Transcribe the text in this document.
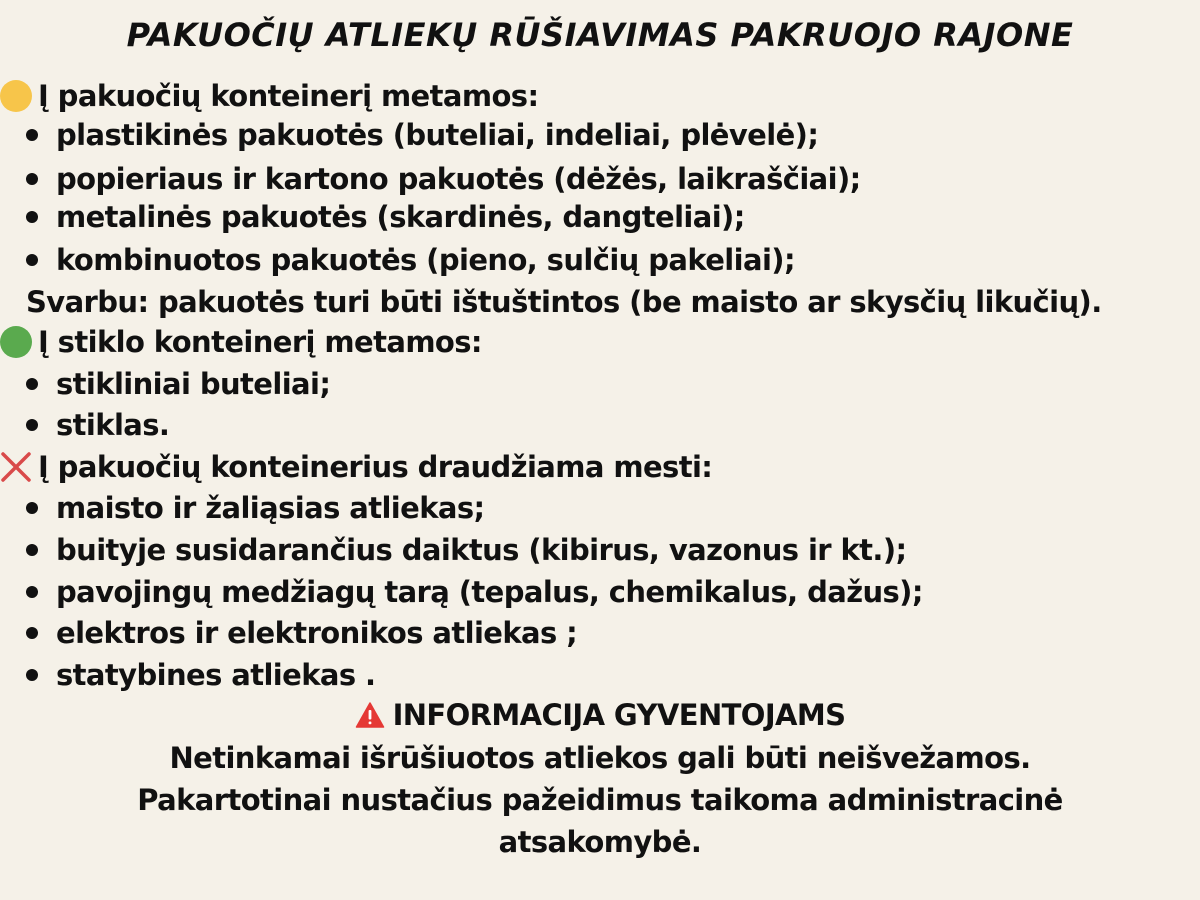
PAKUOČIŲ ATLIEKŲ RŪŠIAVIMAS PAKRUOJO RAJONE
Į pakuočių konteinerį metamos:
plastikinės pakuotės (buteliai, indeliai, plėvelė);
popieriaus ir kartono pakuotės (dėžės, laikraščiai);
metalinės pakuotės (skardinės, dangteliai);
kombinuotos pakuotės (pieno, sulčių pakeliai);
Svarbu: pakuotės turi būti ištuštintos (be maisto ar skysčių likučių).
Į stiklo konteinerį metamos:
stikliniai buteliai;
stiklas.
Į pakuočių konteinerius draudžiama mesti:
maisto ir žaliąsias atliekas;
buityje susidarančius daiktus (kibirus, vazonus ir kt.);
pavojingų medžiagų tarą (tepalus, chemikalus, dažus);
elektros ir elektronikos atliekas ;
statybines atliekas .
INFORMACIJA GYVENTOJAMS
Netinkamai išrūšiuotos atliekos gali būti neišvežamos.
Pakartotinai nustačius pažeidimus taikoma administracinė
atsakomybė.
